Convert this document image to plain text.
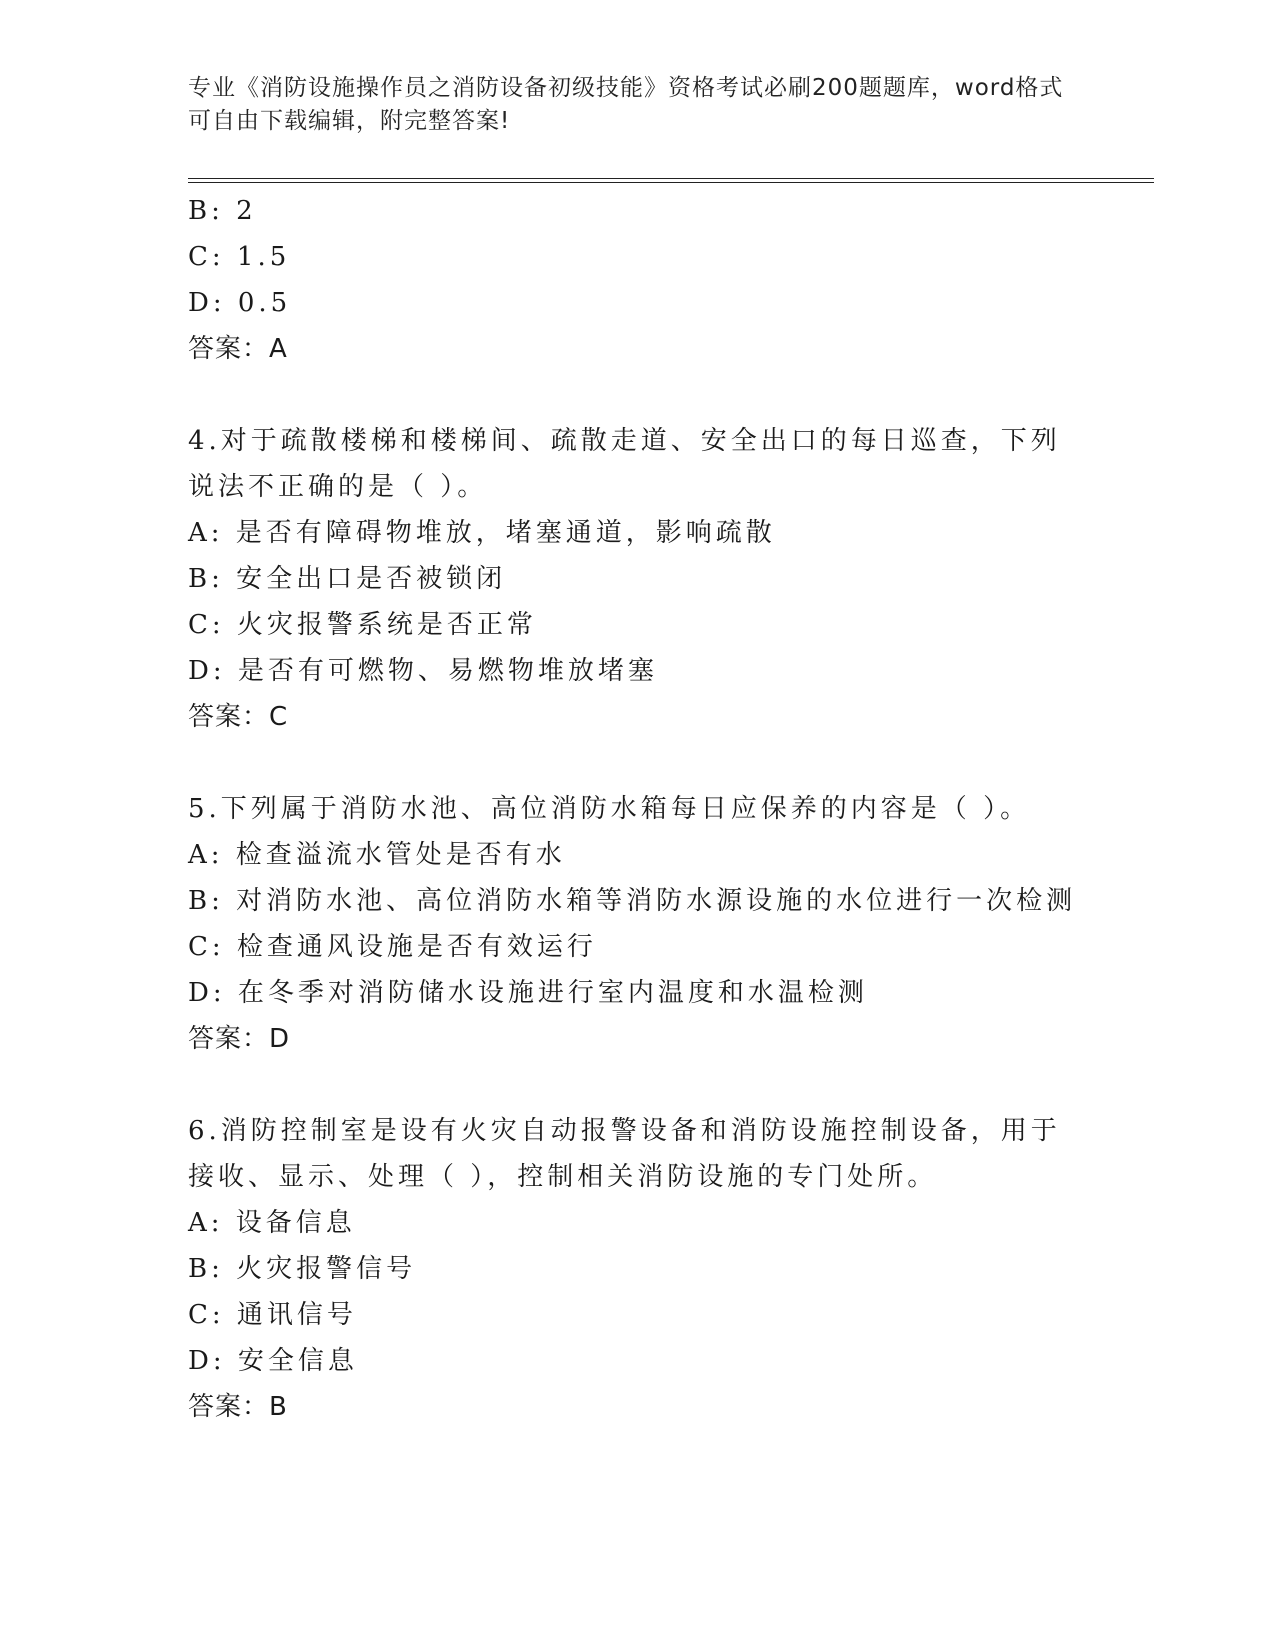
专业《消防设施操作员之消防设备初级技能》资格考试必刷200题题库，word格式可自由下载编辑，附完整答案!
B: 2
C: 1.5
D: 0.5
答案：A
4.对于疏散楼梯和楼梯间、疏散走道、安全出口的每日巡查，下列说法不正确的是（ ）。
A: 是否有障碍物堆放，堵塞通道，影响疏散
B: 安全出口是否被锁闭
C: 火灾报警系统是否正常
D: 是否有可燃物、易燃物堆放堵塞
答案：C
5.下列属于消防水池、高位消防水箱每日应保养的内容是（ ）。
A: 检查溢流水管处是否有水
B: 对消防水池、高位消防水箱等消防水源设施的水位进行一次检测
C: 检查通风设施是否有效运行
D: 在冬季对消防储水设施进行室内温度和水温检测
答案：D
6.消防控制室是设有火灾自动报警设备和消防设施控制设备，用于接收、显示、处理（ ），控制相关消防设施的专门处所。
A: 设备信息
B: 火灾报警信号
C: 通讯信号
D: 安全信息
答案：B
